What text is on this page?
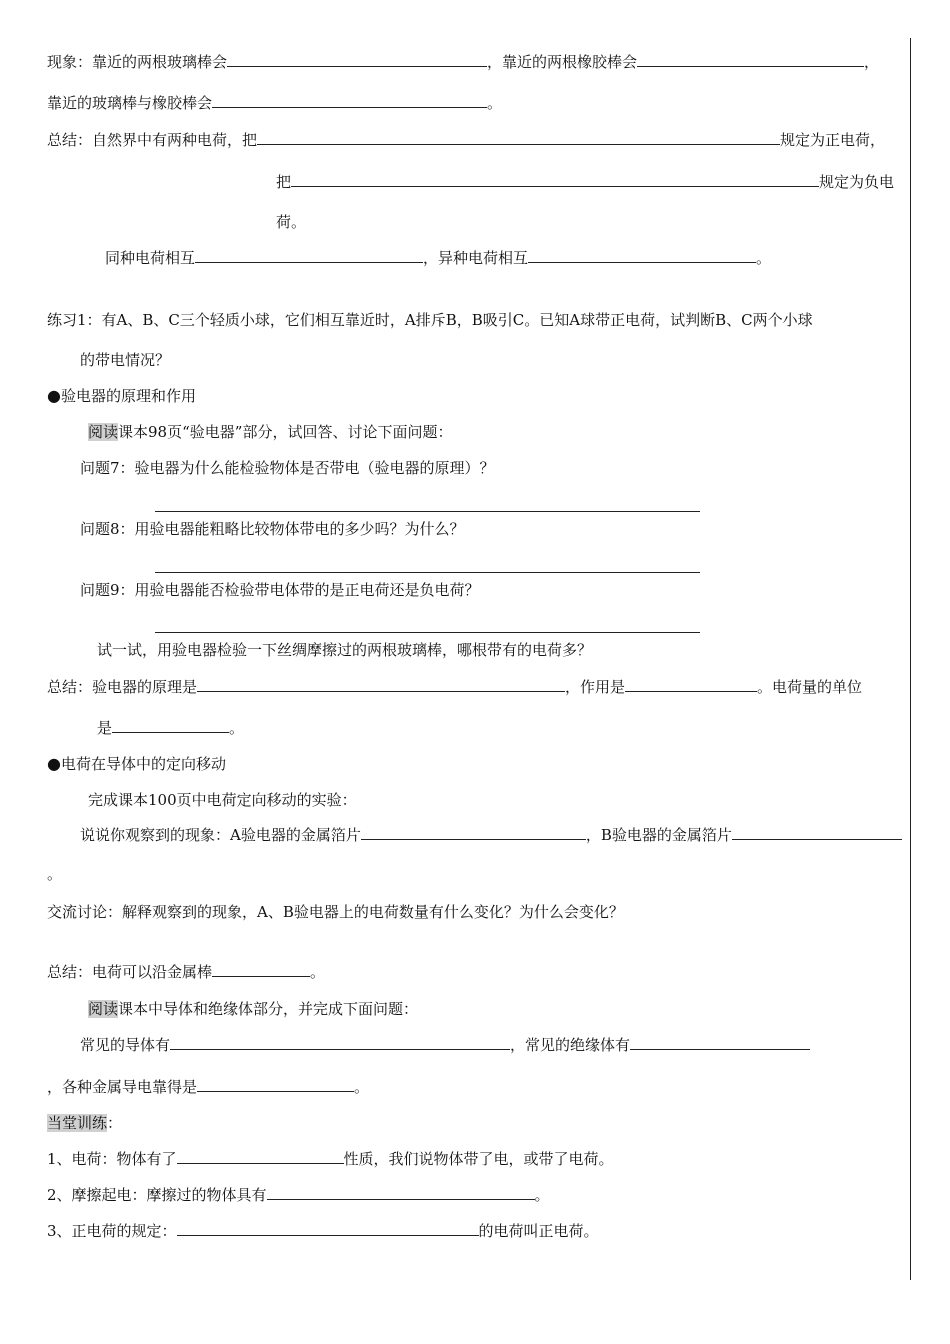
现象：靠近的两根玻璃棒会	，靠近的两根橡胶棒会	，
靠近的玻璃棒与橡胶棒会	。
总结：自然界中有两种电荷，把	规定为正电荷，
把	规定为负电
荷。
同种电荷相互	，异种电荷相互	。
练习1：有A、B、C三个轻质小球，它们相互靠近时，A排斥B，B吸引C。已知A球带正电荷，试判断B、C两个小球
的带电情况？
●验电器的原理和作用
阅读课本98页“验电器”部分，试回答、讨论下面问题：
问题7：验电器为什么能检验物体是否带电（验电器的原理）？
问题8：用验电器能粗略比较物体带电的多少吗？为什么？
问题9：用验电器能否检验带电体带的是正电荷还是负电荷？
试一试，用验电器检验一下丝绸摩擦过的两根玻璃棒，哪根带有的电荷多？
总结：验电器的原理是	，作用是	。电荷量的单位
是	。
●电荷在导体中的定向移动
完成课本100页中电荷定向移动的实验：
说说你观察到的现象：A验电器的金属箔片	，B验电器的金属箔片
。
交流讨论：解释观察到的现象，A、B验电器上的电荷数量有什么变化？为什么会变化？
总结：电荷可以沿金属棒	。
阅读课本中导体和绝缘体部分，并完成下面问题：
常见的导体有	，常见的绝缘体有
，各种金属导电靠得是	。
当堂训练：
1、电荷：物体有了	性质，我们说物体带了电，或带了电荷。
2、摩擦起电：摩擦过的物体具有	。
3、正电荷的规定：	的电荷叫正电荷。
